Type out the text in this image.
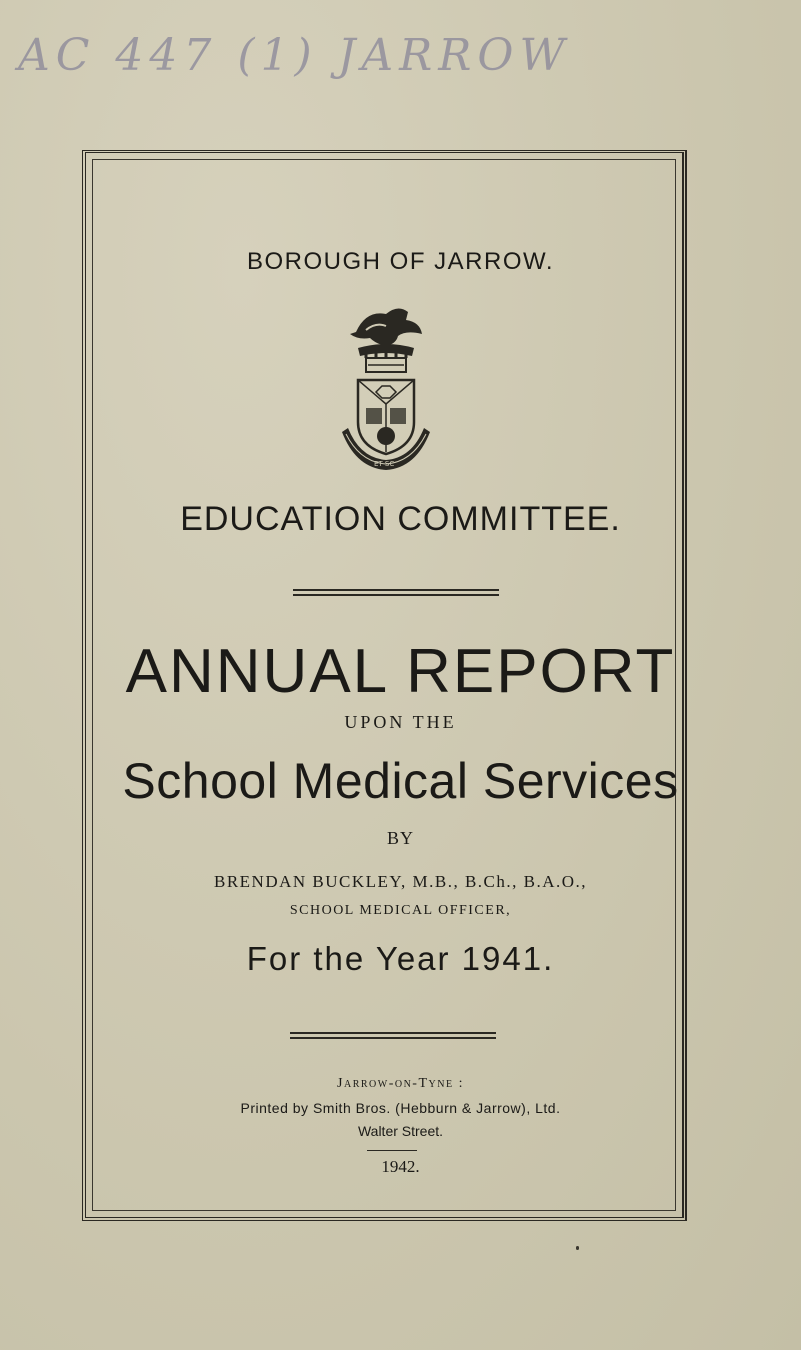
AC 447 (1) JARROW
BOROUGH OF JARROW.
ET SC
EDUCATION COMMITTEE.
ANNUAL REPORT
UPON THE
School Medical Services
BY
BRENDAN BUCKLEY, M.B., B.Ch., B.A.O.,
SCHOOL MEDICAL OFFICER,
For the Year 1941.
Jarrow-on-Tyne :
Printed by Smith Bros. (Hebburn & Jarrow), Ltd.
Walter Street.
1942.
